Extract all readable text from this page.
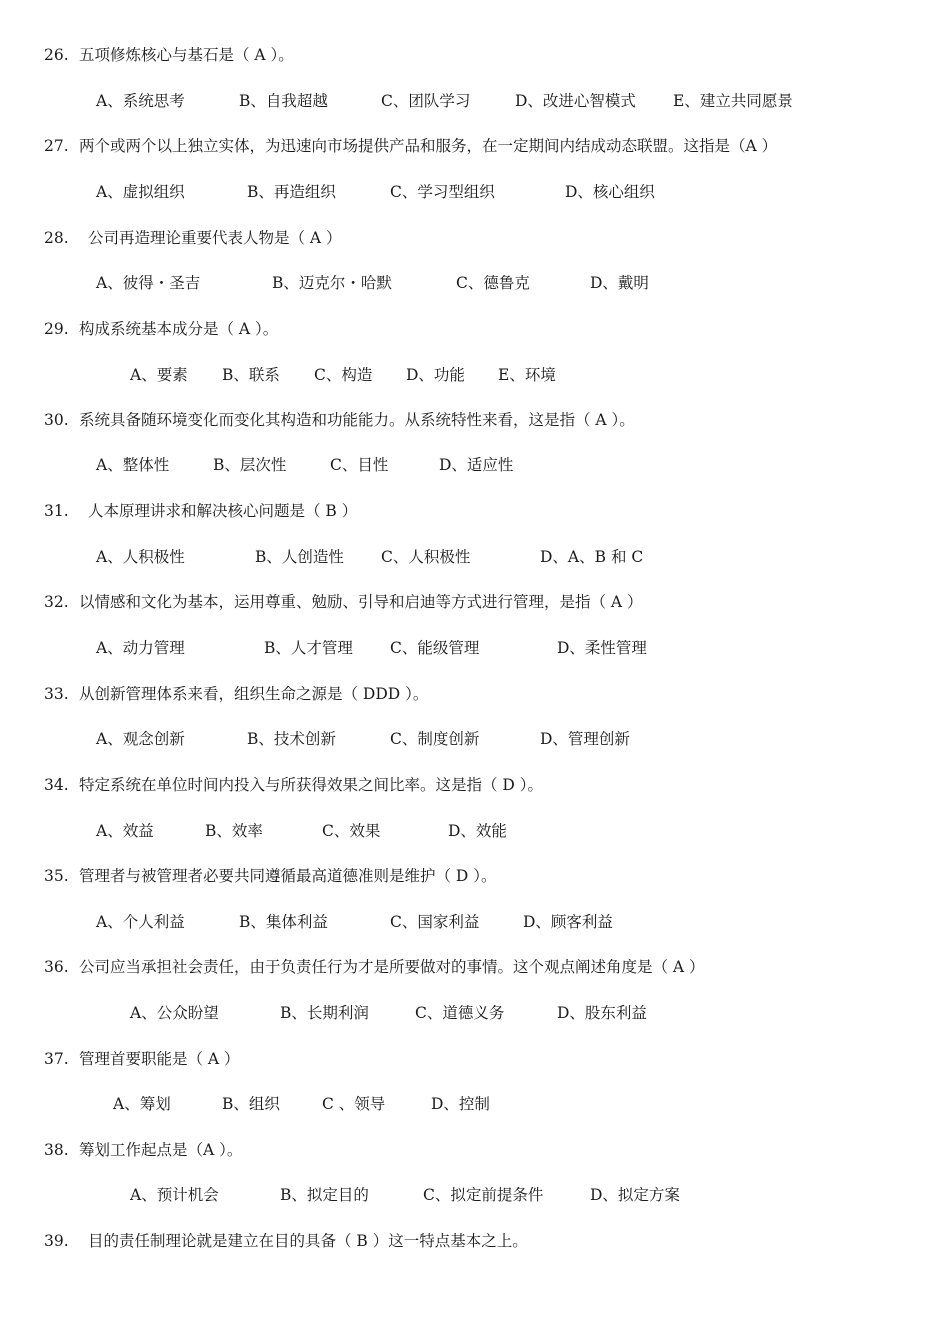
26. 五项修炼核心与基石是（ A ）。
A、系统思考	B、自我超越	C、团队学习	D、改进心智模式 E、建立共同愿景
27. 两个或两个以上独立实体，为迅速向市场提供产品和服务，在一定期间内结成动态联盟。这指是（A ）
A、虚拟组织	B、再造组织	C、学习型组织	D、核心组织
28. 公司再造理论重要代表人物是（ A ）
A、彼得・圣吉	B、迈克尔・哈默	C、德鲁克	D、戴明
29. 构成系统基本成分是（ A ）。
A、要素 B、联系 C、构造 D、功能 E、环境
30. 系统具备随环境变化而变化其构造和功能能力。从系统特性来看，这是指（ A ）。
A、整体性	B、层次性	C、目性	D、适应性
31. 人本原理讲求和解决核心问题是（ B ）
A、人积极性	B、人创造性 C、人积极性	D、A、B 和 C
32. 以情感和文化为基本，运用尊重、勉励、引导和启迪等方式进行管理，是指（ A ）
A、动力管理	B、人才管理 C、能级管理	D、柔性管理
33. 从创新管理体系来看，组织生命之源是（ DDD ）。
A、观念创新	B、技术创新	C、制度创新	D、管理创新
34. 特定系统在单位时间内投入与所获得效果之间比率。这是指（ D ）。
A、效益	B、效率	C、效果	D、效能
35. 管理者与被管理者必要共同遵循最高道德准则是维护（ D ）。
A、个人利益	B、集体利益	C、国家利益	D、顾客利益
36. 公司应当承担社会责任，由于负责任行为才是所要做对的事情。这个观点阐述角度是（ A ）
A、公众盼望	B、长期利润	C、道德义务	D、股东利益
37. 管理首要职能是（ A ）
A、筹划	B、组织	C 、领导	D、控制
38. 筹划工作起点是（A ）。
A、预计机会	B、拟定目的	C、拟定前提条件	D、拟定方案
39. 目的责任制理论就是建立在目的具备（ B ）这一特点基本之上。
